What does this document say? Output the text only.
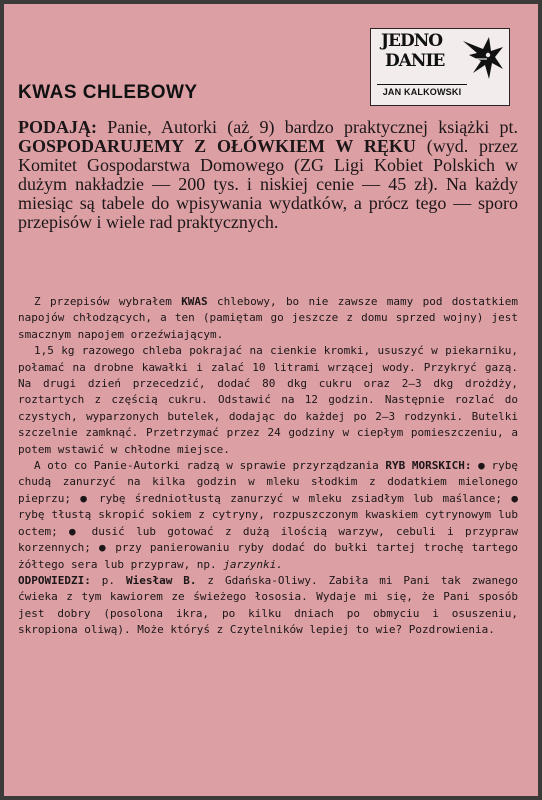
JEDNO
DANIE
JAN KALKOWSKI
KWAS CHLEBOWY

PODAJĄ: Panie, Autorki (aż 9) bardzo praktycznej książki pt. GOSPODARUJEMY Z OŁÓWKIEM W RĘKU (wyd. przez Komitet Gospodarstwa Domowego (ZG Ligi Kobiet Polskich w dużym nakładzie — 200 tys. i niskiej cenie — 45 zł). Na każdy miesiąc są tabele do wpisywania wydatków, a prócz tego — sporo przepisów i wiele rad praktycznych.

Z przepisów wybrałem KWAS chlebowy, bo nie zawsze mamy pod dostatkiem napojów chłodzących, a ten (pamiętam go jeszcze z domu sprzed wojny) jest smacznym napojem orzeźwiającym.

1,5 kg razowego chleba pokrajać na cienkie kromki, ususzyć w piekarniku, połamać na drobne kawałki i zalać 10 litrami wrzącej wody. Przykryć gazą. Na drugi dzień przecedzić, dodać 80 dkg cukru oraz 2—3 dkg drożdży, roztartych z częścią cukru. Odstawić na 12 godzin. Następnie rozlać do czystych, wyparzonych butelek, dodając do każdej po 2—3 rodzynki. Butelki szczelnie zamknąć. Przetrzymać przez 24 godziny w ciepłym pomieszczeniu, a potem wstawić w chłodne miejsce.

A oto co Panie-Autorki radzą w sprawie przyrządzania RYB MORSKICH: ● rybę chudą zanurzyć na kilka godzin w mleku słodkim z dodatkiem mielonego pieprzu; ● rybę średniotłustą zanurzyć w mleku zsiadłym lub maślance; ● rybę tłustą skropić sokiem z cytryny, rozpuszczonym kwaskiem cytrynowym lub octem; ● dusić lub gotować z dużą ilością warzyw, cebuli i przypraw korzennych; ● przy panierowaniu ryby dodać do bułki tartej trochę tartego żółtego sera lub przypraw, np. jarzynki.

ODPOWIEDZI: p. Wiesław B. z Gdańska-Oliwy. Zabiła mi Pani tak zwanego ćwieka z tym kawiorem ze świeżego łososia. Wydaje mi się, że Pani sposób jest dobry (posolona ikra, po kilku dniach po obmyciu i osuszeniu, skropiona oliwą). Może któryś z Czytelników lepiej to wie? Pozdrowienia.
